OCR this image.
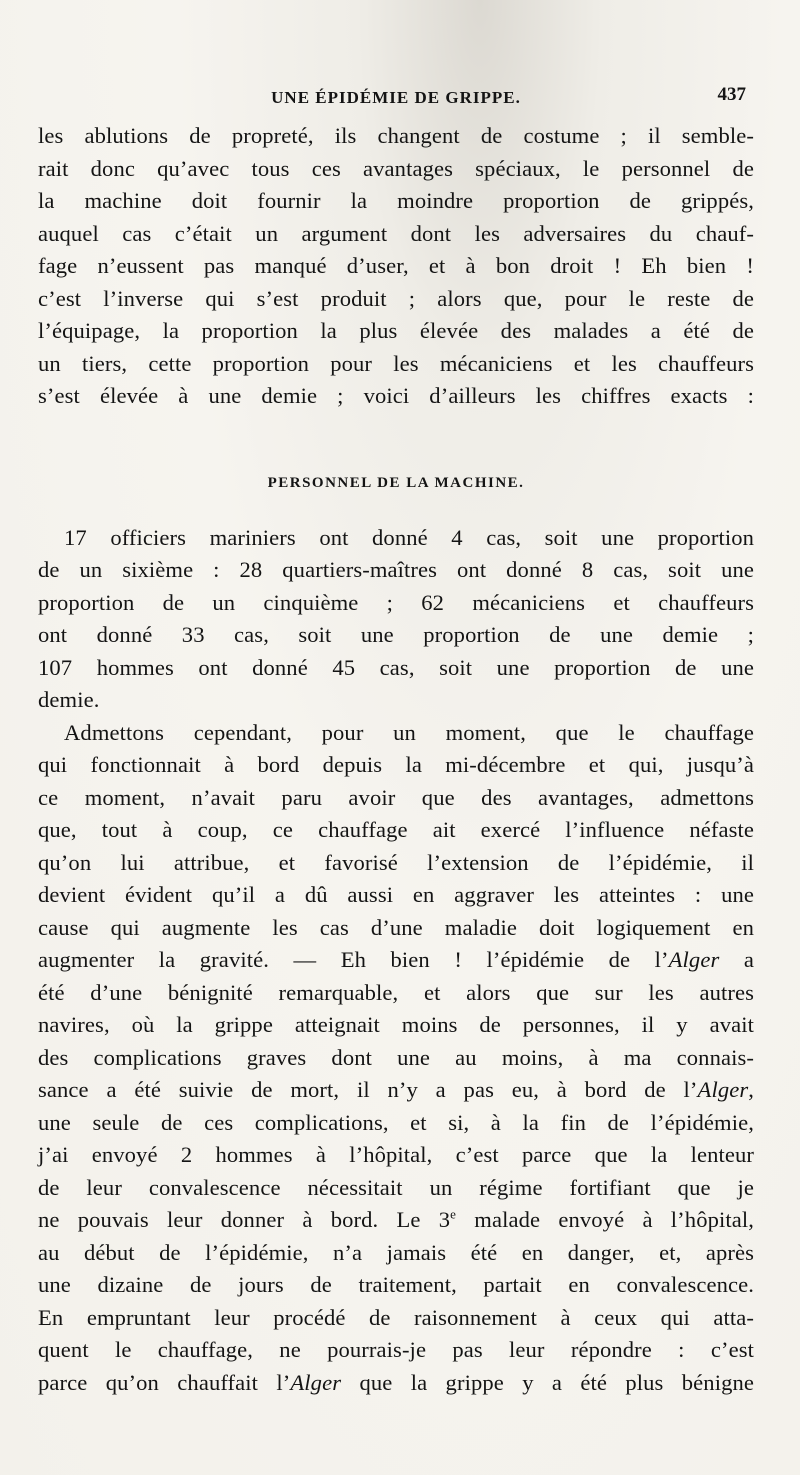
UNE ÉPIDÉMIE DE GRIPPE.	437

les ablutions de propreté, ils changent de costume ; il semble-

rait donc qu’avec tous ces avantages spéciaux, le personnel de

la machine doit fournir la moindre proportion de grippés,

auquel cas c’était un argument dont les adversaires du chauf-

fage n’eussent pas manqué d’user, et à bon droit ! Eh bien !

c’est l’inverse qui s’est produit ; alors que, pour le reste de

l’équipage, la proportion la plus élevée des malades a été de

un tiers, cette proportion pour les mécaniciens et les chauffeurs

s’est élevée à une demie ; voici d’ailleurs les chiffres exacts :

PERSONNEL DE LA MACHINE.

17 officiers mariniers ont donné 4 cas, soit une proportion

de un sixième : 28 quartiers-maîtres ont donné 8 cas, soit une

proportion de un cinquième ; 62 mécaniciens et chauffeurs

ont donné 33 cas, soit une proportion de une demie ;

107 hommes ont donné 45 cas, soit une proportion de une

demie.

Admettons cependant, pour un moment, que le chauffage

qui fonctionnait à bord depuis la mi-décembre et qui, jusqu’à

ce moment, n’avait paru avoir que des avantages, admettons

que, tout à coup, ce chauffage ait exercé l’influence néfaste

qu’on lui attribue, et favorisé l’extension de l’épidémie, il

devient évident qu’il a dû aussi en aggraver les atteintes : une

cause qui augmente les cas d’une maladie doit logiquement en

augmenter la gravité. — Eh bien ! l’épidémie de l’Alger a

été d’une bénignité remarquable, et alors que sur les autres

navires, où la grippe atteignait moins de personnes, il y avait

des complications graves dont une au moins, à ma connais-

sance a été suivie de mort, il n’y a pas eu, à bord de l’Alger,

une seule de ces complications, et si, à la fin de l’épidémie,

j’ai envoyé 2 hommes à l’hôpital, c’est parce que la lenteur

de leur convalescence nécessitait un régime fortifiant que je

ne pouvais leur donner à bord. Le 3e malade envoyé à l’hôpital,

au début de l’épidémie, n’a jamais été en danger, et, après

une dizaine de jours de traitement, partait en convalescence.

En empruntant leur procédé de raisonnement à ceux qui atta-

quent le chauffage, ne pourrais-je pas leur répondre : c’est

parce qu’on chauffait l’Alger que la grippe y a été plus bénigne
